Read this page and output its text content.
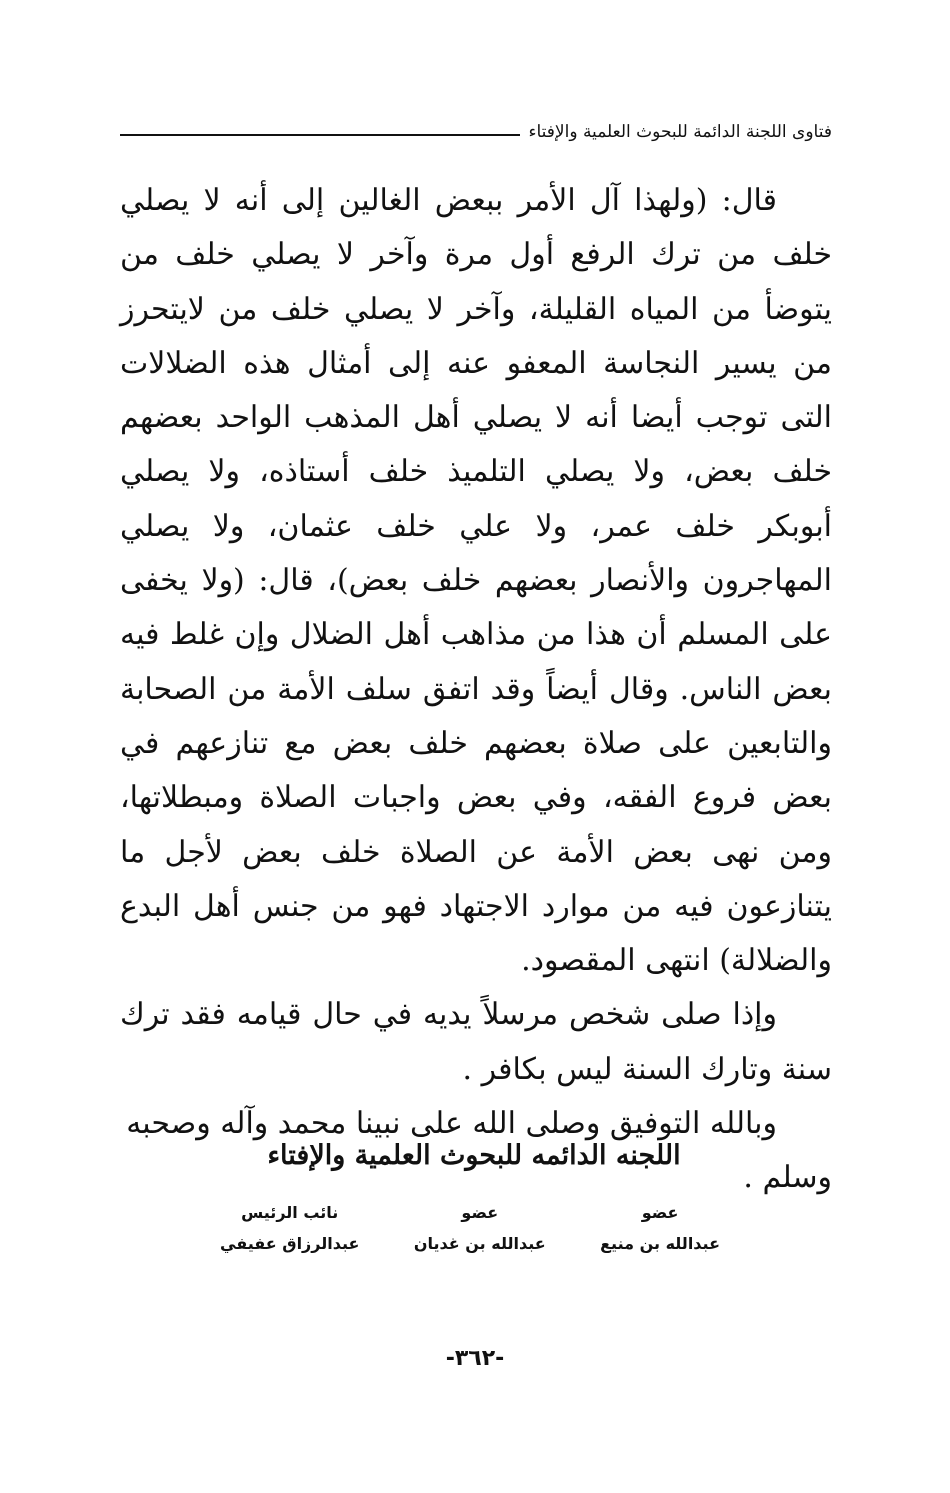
فتاوى اللجنة الدائمة للبحوث العلمية والإفتاء

قال: (ولهذا آل الأمر ببعض الغالين إلى أنه لا يصلي خلف من ترك الرفع أول مرة وآخر لا يصلي خلف من يتوضأ من المياه القليلة، وآخر لا يصلي خلف من لايتحرز من يسير النجاسة المعفو عنه إلى أمثال هذه الضلالات التى توجب أيضا أنه لا يصلي أهل المذهب الواحد بعضهم خلف بعض، ولا يصلي التلميذ خلف أستاذه، ولا يصلي أبوبكر خلف عمر، ولا علي خلف عثمان، ولا يصلي المهاجرون والأنصار بعضهم خلف بعض)، قال: (ولا يخفى على المسلم أن هذا من مذاهب أهل الضلال وإن غلط فيه بعض الناس. وقال أيضاً وقد اتفق سلف الأمة من الصحابة والتابعين على صلاة بعضهم خلف بعض مع تنازعهم في بعض فروع الفقه، وفي بعض واجبات الصلاة ومبطلاتها، ومن نهى بعض الأمة عن الصلاة خلف بعض لأجل ما يتنازعون فيه من موارد الاجتهاد فهو من جنس أهل البدع والضلالة) انتهى المقصود.

وإذا صلى شخص مرسلاً يديه في حال قيامه فقد ترك سنة وتارك السنة ليس بكافر .

وبالله التوفيق وصلى الله على نبينا محمد وآله وصحبه وسلم .

اللجنه الدائمه للبحوث العلمية والإفتاء
عضو
عبدالله بن منيع
عضو
عبدالله بن غديان
نائب الرئيس
عبدالرزاق عفيفي
-٣٦٢-
